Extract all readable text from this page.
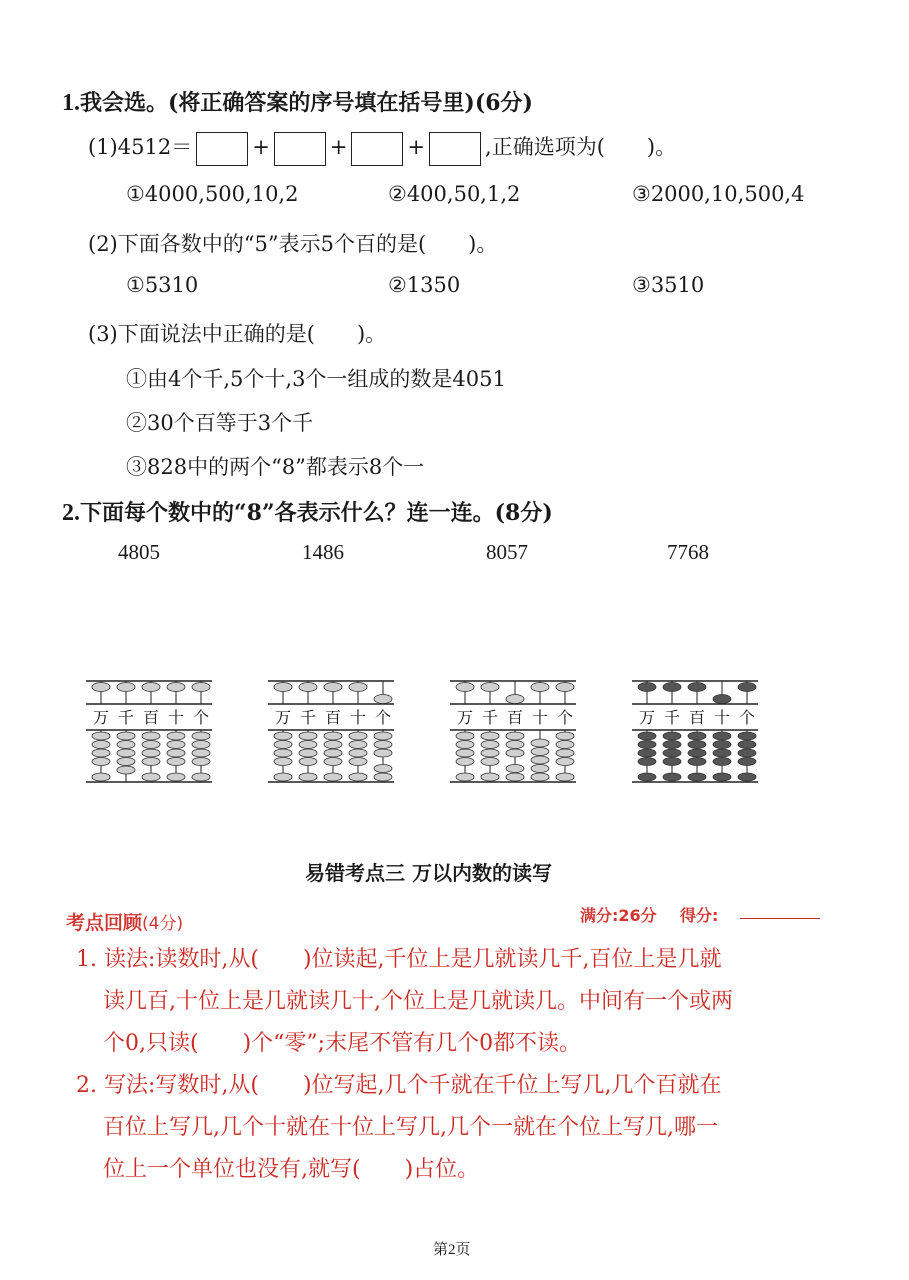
1.我会选。(将正确答案的序号填在括号里)(6分)
(1)4512＝	+	+	+	,正确选项为(　　)。
①4000,500,10,2	②400,50,1,2	③2000,10,500,4
(2)下面各数中的“5”表示5个百的是(　　)。
①5310	②1350	③3510
(3)下面说法中正确的是(　　)。
①由4个千,5个十,3个一组成的数是4051
②30个百等于3个千
③828中的两个“8”都表示8个一
2.下面每个数中的“8”各表示什么？连一连。(8分)
4805	1486	8057	7768
万 千 百 十 个	万 千 百 十 个	万 千 百 十 个	万 千 百 十 个
易错考点三 万以内数的读写
考点回顾(4分)	满分:26分 得分:
1. 读法:读数时,从(　　)位读起,千位上是几就读几千,百位上是几就
读几百,十位上是几就读几十,个位上是几就读几。中间有一个或两
个0,只读(　　)个“零”;末尾不管有几个0都不读。
2. 写法:写数时,从(　　)位写起,几个千就在千位上写几,几个百就在
百位上写几,几个十就在十位上写几,几个一就在个位上写几,哪一
位上一个单位也没有,就写(　　)占位。
第2页
